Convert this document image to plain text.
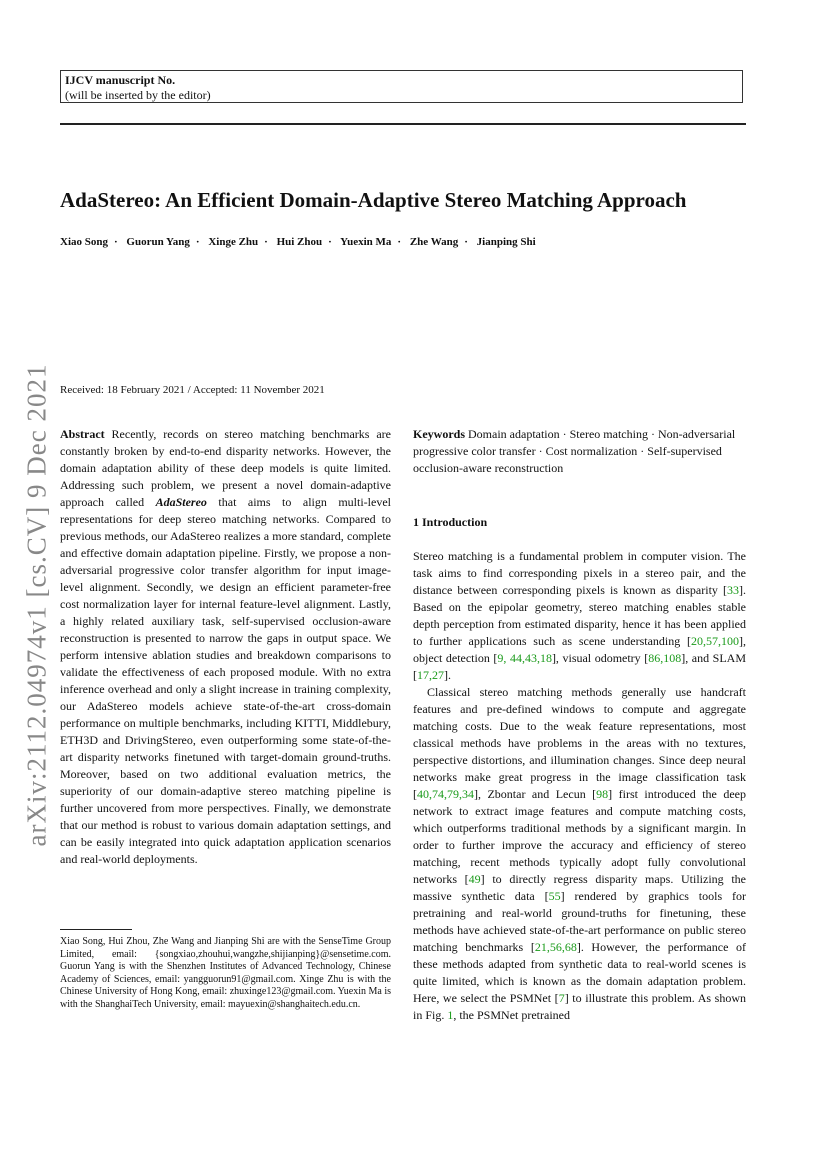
IJCV manuscript No.
(will be inserted by the editor)
AdaStereo: An Efficient Domain-Adaptive Stereo Matching Approach
Xiao Song · Guorun Yang · Xinge Zhu · Hui Zhou · Yuexin Ma · Zhe Wang · Jianping Shi
arXiv:2112.04974v1 [cs.CV] 9 Dec 2021 Received: 18 February 2021 / Accepted: 11 November 2021
Abstract Recently, records on stereo matching benchmarks are constantly broken by end-to-end disparity networks. However, the domain adaptation ability of these deep models is quite limited. Addressing such problem, we present a novel domain-adaptive approach called AdaStereo that aims to align multi-level representations for deep stereo matching networks. Compared to previous methods, our AdaStereo realizes a more standard, complete and effective domain adaptation pipeline. Firstly, we propose a non-adversarial progressive color transfer algorithm for input image-level alignment. Secondly, we design an efficient parameter-free cost normalization layer for internal feature-level alignment. Lastly, a highly related auxiliary task, self-supervised occlusion-aware reconstruction is presented to narrow the gaps in output space. We perform intensive ablation studies and breakdown comparisons to validate the effectiveness of each proposed module. With no extra inference overhead and only a slight increase in training complexity, our AdaStereo models achieve state-of-the-art cross-domain performance on multiple benchmarks, including KITTI, Middlebury, ETH3D and DrivingStereo, even outperforming some state-of-the-art disparity networks finetuned with target-domain ground-truths. Moreover, based on two additional evaluation metrics, the superiority of our domain-adaptive stereo matching pipeline is further uncovered from more perspectives. Finally, we demonstrate that our method is robust to various domain adaptation settings, and can be easily integrated into quick adaptation application scenarios and real-world deployments.
Keywords Domain adaptation · Stereo matching · Non-adversarial progressive color transfer · Cost normalization · Self-supervised occlusion-aware reconstruction
1 Introduction

Stereo matching is a fundamental problem in computer vision. The task aims to find corresponding pixels in a stereo pair, and the distance between corresponding pixels is known as disparity [33]. Based on the epipolar geometry, stereo matching enables stable depth perception from estimated disparity, hence it has been applied to further applications such as scene understanding [20,57,100], object detection [9, 44,43,18], visual odometry [86,108], and SLAM [17,27].

Classical stereo matching methods generally use handcraft features and pre-defined windows to compute and aggregate matching costs. Due to the weak feature representations, most classical methods have problems in the areas with no textures, perspective distortions, and illumination changes. Since deep neural networks make great progress in the image classification task [40,74,79,34], Zbontar and Lecun [98] first introduced the deep network to extract image features and compute matching costs, which outperforms traditional methods by a significant margin. In order to further improve the accuracy and efficiency of stereo matching, recent methods typically adopt fully convolutional networks [49] to directly regress disparity maps. Utilizing the massive synthetic data [55] rendered by graphics tools for pretraining and real-world ground-truths for finetuning, these methods have achieved state-of-the-art performance on public stereo matching benchmarks [21,56,68]. However, the performance of these methods adapted from synthetic data to real-world scenes is quite limited, which is known as the domain adaptation problem. Here, we select the PSMNet [7] to illustrate this problem. As shown in Fig. 1, the PSMNet pretrained

Xiao Song, Hui Zhou, Zhe Wang and Jianping Shi are with the SenseTime Group Limited, email: {songxiao,zhouhui,wangzhe,shijianping}@sensetime.com. Guorun Yang is with the Shenzhen Institutes of Advanced Technology, Chinese Academy of Sciences, email: yangguorun91@gmail.com. Xinge Zhu is with the Chinese University of Hong Kong, email: zhuxinge123@gmail.com. Yuexin Ma is with the ShanghaiTech University, email: mayuexin@shanghaitech.edu.cn.
